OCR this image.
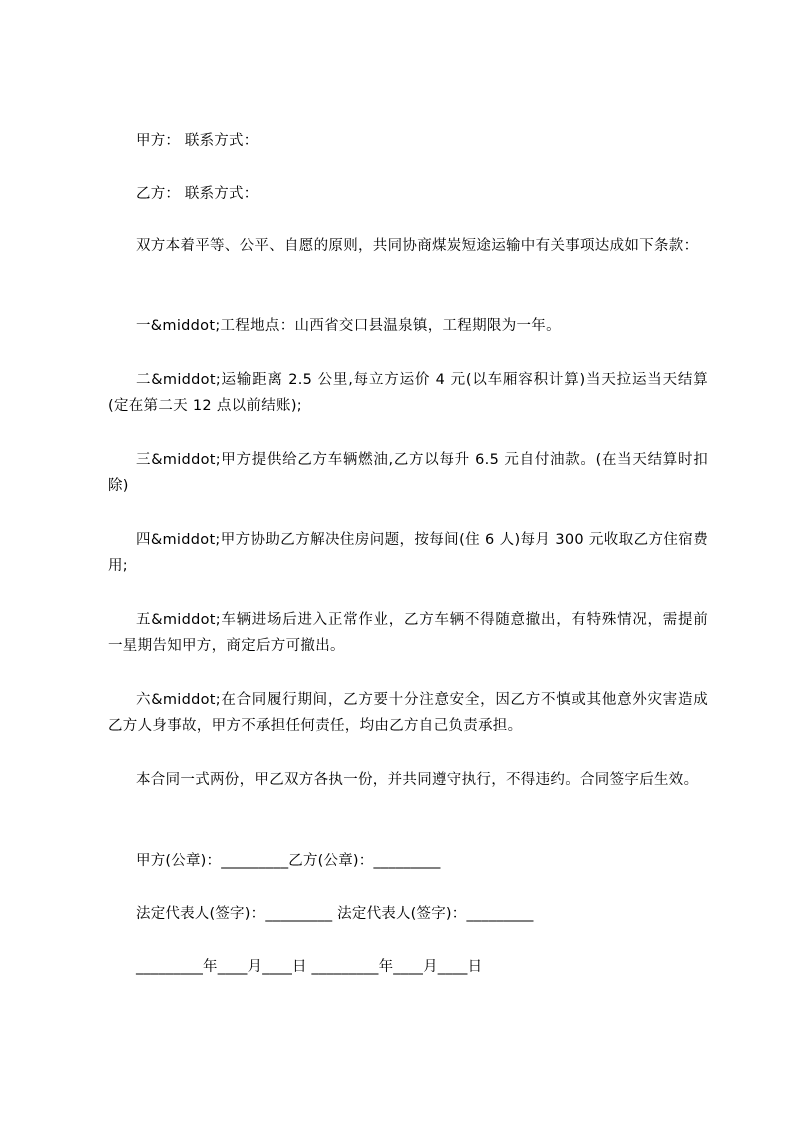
甲方： 联系方式：
乙方： 联系方式：
双方本着平等、公平、自愿的原则，共同协商煤炭短途运输中有关事项达成如下条款：
一&middot;工程地点：山西省交口县温泉镇，工程期限为一年。
二&middot;运输距离 2.5 公里,每立方运价 4 元(以车厢容积计算)当天拉运当天结算(定在第二天 12 点以前结账);
三&middot;甲方提供给乙方车辆燃油,乙方以每升 6.5 元自付油款。(在当天结算时扣除)
四&middot;甲方协助乙方解决住房问题，按每间(住 6 人)每月 300 元收取乙方住宿费用;
五&middot;车辆进场后进入正常作业，乙方车辆不得随意撤出，有特殊情况，需提前一星期告知甲方，商定后方可撤出。
六&middot;在合同履行期间，乙方要十分注意安全，因乙方不慎或其他意外灾害造成乙方人身事故，甲方不承担任何责任，均由乙方自己负责承担。
本合同一式两份，甲乙双方各执一份，并共同遵守执行，不得违约。合同签字后生效。
甲方(公章)：_________乙方(公章)：_________
法定代表人(签字)：_________ 法定代表人(签字)：_________
_________年____月____日 _________年____月____日
